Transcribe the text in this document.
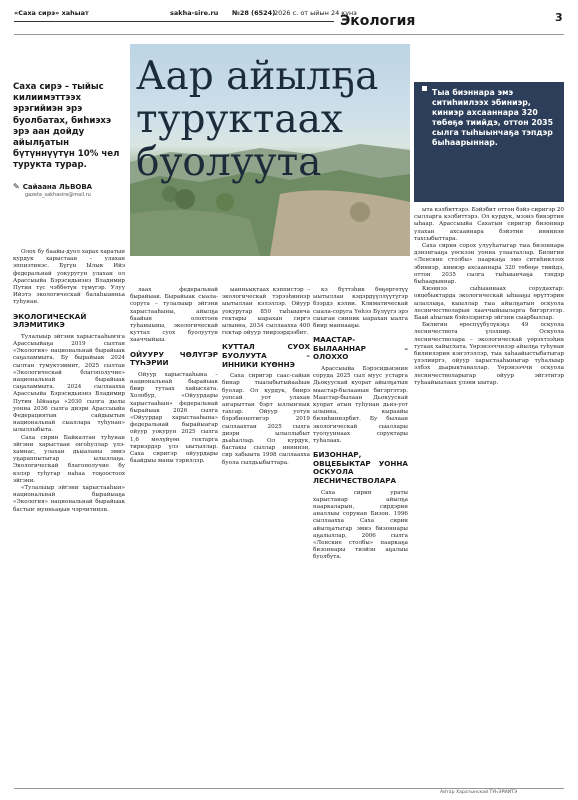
«Саха сирэ» хаһыат	sakha-sire.ru №28 (6524)
2026 с. от ыйын 24 күнэ
Экология	3

Саха сирэ – тыйыс килиимэттээх эрэгийиэн эрэ буолбатах, биһиэхэ эрэ аан дойду айылҕатын бүтүннүүтүн 10% чел турукта турар.

✎ Сайаана ЛЬВОВА
gazeta_sakhasire@mail.ru
Аар айылҕа туруктаах буолуута

Тыа биэннара эмэ ситиһиилээх эбиниэр, киниэр ахсааннара 320 төбөҕө тиийдэ, оттон 2035 сылга тыһыынчаҕа тэпдэр быһаарыннар.

Олох бу баайы-дуол харах харатын курдук харыстаан – улахан эппиэтинэс. Бүгүн Ылык Ийэ федеральнай уокуругун улахан ол Арассыыйа Бэрэсидьиэнэ Владимир Путин түс чэббөтүн түмүгэр. Улуу Ийэтэ экологическай балаһыанньа туһунан.

ЭКОЛОГИЧЕСКАЙ ЭЛЭМИТИКЭ

Тулалыыр эйгэни харыстааһыҥҥа Арассыыйаҕа 2019 сылтан «Экология» национальнай бырайыак саҕаламмыта. Бу бырайыак 2024 сылтан тумуктэммит, 2025 сылтан «Экологическай благополучие» национальнай бырайыак саҕаламмыта. 2024 сыллаахха Арассыыйа Бэрэсидьиэнэ Владимир Путин Ыйааҕа «2030 сылга дылы уонна 2036 сылга диэри Арассыыйа Федерациятын сайдыытын национальнай сыаллара туһунан» ылыллыбыта.

Саха сирин Байкалтан туһунан эйгэни харыстаан оҥоһуллар үлэ-хамнас, улахан дьыаланы эмиэ уҕараппытыгар ылыллаҕа. Экологическай благополучие бу кэлэр туһугар наһаа тоҕоостоох эйгэни.

«Тулалыыр эйгэни харыстааһын» национальнай бырайыаҕа «Экология» национальнай бырайыак бастыҥ мунньаҕын чэрчитинэн.

лаах федеральнай бырайыак. Бырайыак сыала-сорута – тулалыыр эйгэни харыстааһыны, айылҕа баайын олохтоон туһаныыны, экологическай куттал суох буолуутун хааччыйыы.

ОЙУУРУ ЧӨЛҮГЭР ТҮҺЭРИИ

Ойуур харыстааһына – национальнай бырайыак биир тутаах хайысхата. Холобур, «Ойуурдары харыстааһын» федеральнай бырайыак 2026 сылга «Ойуурдар харыстааһына» федеральнай бырайыагар ойуур уокурун 2025 сылга 1,6 мөлүйүөн гектарга тириэрдэр үлэ ыытыллар. Саха сиригэр ойуурдары баайдыы маны тэриллэр.

ыанньыктаах кэппистэр – экологическай тэрээһиннэр ыытыллан кэлэллэр. Ойуур уокуругар 850 тыһыынча гектары ыарахан сиргэ ылынна, 2034 сыллаахха 400 гектар ойуур тиирээрдээбит.

КУТТАЛ СУОХ БУОЛУУТА – ИННИКИ КҮӨННЭ

Саха сиригэр саас-сайын бинар тыалабытыйааһын буолар. Ол курдук, биирэ уопсай уот улахан аҥарыттан бэрт ыллыҥнык тахсар. Ойуур уотун бэрэбиэнэтигэр 2019 сыллаахтан 2025 сылга диэри ылыллыбыт дьаһаллар. Ол курдук, бастакы сыллар иннинэн, сир хабыыта 1998 сыллаахха буола сылдьыбыттара.

кэ бүттэһик бөҕөргөтүү ыытыллан кэдэрдүүллүүтүгэр бээрдэ кэлии. Климатическай сыала-соруга Үөһээ Бүлүүгэ эрэ сыыган сииник ыарахан ыалга биир маннааҕы.

МААСТАР-БЫЛААННАР – ОЛОХХО

Арассыыйа Бэрэсидьиэнин соруда 2025 сыл муус устарга Дьокуускай куорат айылҕатын маастар-былаанын бигэргэтэр. Маастар-былаан Дьокуускай куорат атын туһунан дьиэ-уот ылынна, кыраайы билиһиннэрбит. Бу былаан экологическай сыаллары туолууннаах соруктары туһалаах.

БИЗОННАР, ОВЦЕБЫКТАР УОННА ОСКУОЛА ЛЕСНИЧЕСТВОЛАРА

Саха сирин ураты харыстанар айылҕа пааркаларын, сирдэрин аналлыы сорунан Бизон. 1996 сыллаахха Саха сирин айылҕатыгар эмиэ бизоннары аҕалыллар, 2006 сылга «Ленские столбы» пааркаҕа бизоннары тиэйэн аҕалыы буолбута.

ыта кэлбиттэрэ. Бэйэбит оттон бэйэ сиригэр 20 сылларга кэлбиттэрэ. Ол курдук, мээнэ бинэртин ыһаар. Арассыыйа Сахатын сиригэр бизоннар улахан ахсааннара бэйэтин иннинэн тахсыбыттара.

Саха сирин сорох улууһатыгар тыа бизоннара дэнэнгааҕа үөскээн уонна улааталлар. Билигин «Ленские столбы» пааркаҕа эмэ ситиһиилээх эбиниэр, киниэр ахсааннара 320 төбөҕө тиийдэ, оттон 2035 сылга тыһыынчаҕа тэпдэр быһаарыннар.

Киэннээ сыһыаннаах сорудахтар: овцебыктарда экологическай ыһыаҕы өрүттэрин ылаллыҕа, кыыллар тыа айылҕатын оскуола лесничестволарын хааччыйыыларга бигэргэтэр. Баай аһылык бэйэлэригэр эйгэни сыарбыллар.

Билигин өрөспүүбүлүкэҕэ 49 оскуола лесничествота үлэлиир. Оскуола лесничестволара – экологическай үөрэхтээһин тутаах хайысхата. Үөрэнээччилэр айылҕа туһунан билиилэрин кэҥэтэллэр, тыа хаһаайыстыбатыгар үлэлииргэ, ойуур харыстааһыныгар туһалыыр элбэх дьарыктаналлар. Үөрэнээччи оскуола лесничестволарыгар ойуур эйгэтигэр туһаайыылаах үлэни ыытар.

Айтар Харатынскай ТУҺЭРИИТЭ
